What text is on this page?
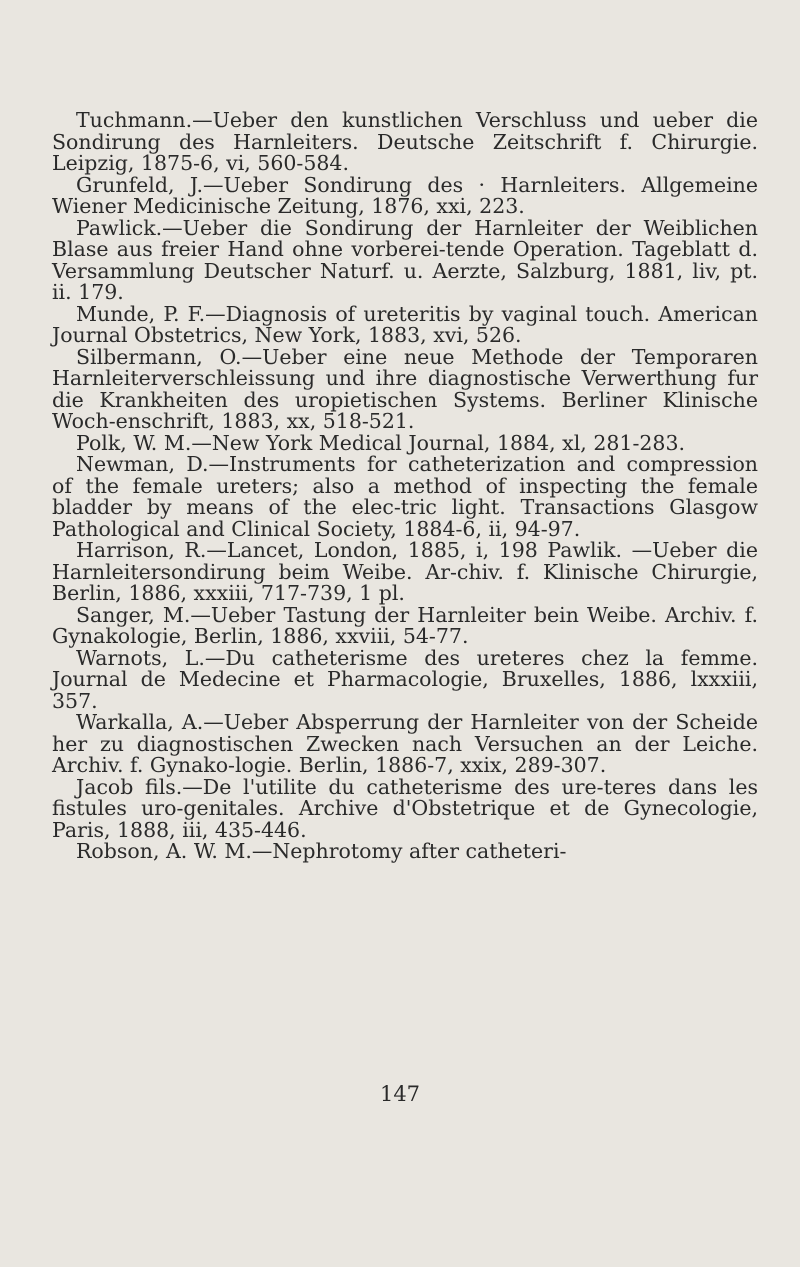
Tuchmann.—Ueber den kunstlichen Verschluss und ueber die Sondirung des Harnleiters. Deutsche Zeitschrift f. Chirurgie. Leipzig, 1875-6, vi, 560-584.

Grunfeld, J.—Ueber Sondirung des · Harnleiters. Allgemeine Wiener Medicinische Zeitung, 1876, xxi, 223.

Pawlick.—Ueber die Sondirung der Harnleiter der Weiblichen Blase aus freier Hand ohne vorberei-tende Operation. Tageblatt d. Versammlung Deutscher Naturf. u. Aerzte, Salzburg, 1881, liv, pt. ii. 179.

Munde, P. F.—Diagnosis of ureteritis by vaginal touch. American Journal Obstetrics, New York, 1883, xvi, 526.

Silbermann, O.—Ueber eine neue Methode der Temporaren Harnleiterverschleissung und ihre diagnostische Verwerthung fur die Krankheiten des uropietischen Systems. Berliner Klinische Woch-enschrift, 1883, xx, 518-521.

Polk, W. M.—New York Medical Journal, 1884, xl, 281-283.

Newman, D.—Instruments for catheterization and compression of the female ureters; also a method of inspecting the female bladder by means of the elec-tric light. Transactions Glasgow Pathological and Clinical Society, 1884-6, ii, 94-97.

Harrison, R.—Lancet, London, 1885, i, 198 Pawlik. —Ueber die Harnleitersondirung beim Weibe. Ar-chiv. f. Klinische Chirurgie, Berlin, 1886, xxxiii, 717-739, 1 pl.

Sanger, M.—Ueber Tastung der Harnleiter bein Weibe. Archiv. f. Gynakologie, Berlin, 1886, xxviii, 54-77.

Warnots, L.—Du catheterisme des ureteres chez la femme. Journal de Medecine et Pharmacologie, Bruxelles, 1886, lxxxiii, 357.

Warkalla, A.—Ueber Absperrung der Harnleiter von der Scheide her zu diagnostischen Zwecken nach Versuchen an der Leiche. Archiv. f. Gynako-logie. Berlin, 1886-7, xxix, 289-307.

Jacob fils.—De l'utilite du catheterisme des ure-teres dans les fistules uro-genitales. Archive d'Obstetrique et de Gynecologie, Paris, 1888, iii, 435-446.

Robson, A. W. M.—Nephrotomy after catheteri-

147
